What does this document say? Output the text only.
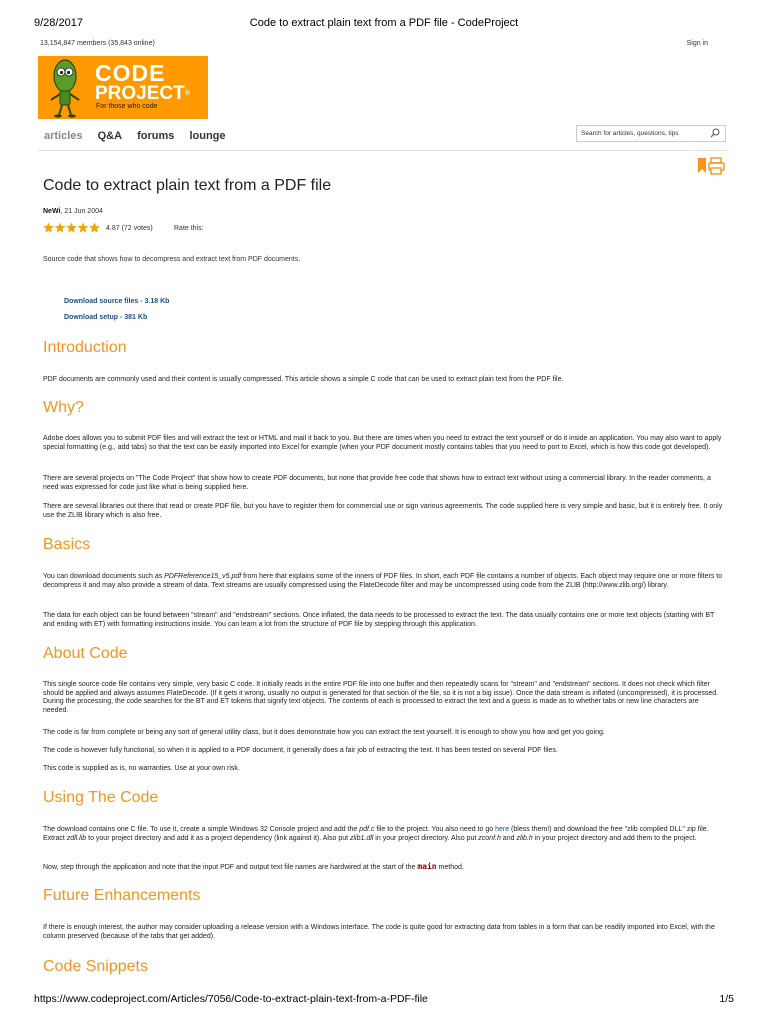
9/28/2017	Code to extract plain text from a PDF file - CodeProject
13,154,847 members (35,843 online)	Sign in
CODE
PROJECT®
For those who code
articles Q&A forums lounge	Search for articles, questions, tips
Code to extract plain text from a PDF file
NeWi, 21 Jun 2004
4.87 (72 votes)	Rate this:
Source code that shows how to decompress and extract text from PDF documents.
Download source files - 3.18 Kb
Download setup - 381 Kb
Introduction

PDF documents are commonly used and their content is usually compressed. This article shows a simple C code that can be used to extract plain text from the PDF file.

Why?

Adobe does allows you to submit PDF files and will extract the text or HTML and mail it back to you. But there are times when you need to extract the text yourself or do it inside an application. You may also want to apply special formatting (e.g., add tabs) so that the text can be easily imported into Excel for example (when your PDF document mostly contains tables that you need to port to Excel, which is how this code got developed).

There are several projects on "The Code Project" that show how to create PDF documents, but none that provide free code that shows how to extract text without using a commercial library. In the reader comments, a need was expressed for code just like what is being supplied here.

There are several libraries out there that read or create PDF file, but you have to register them for commercial use or sign various agreements. The code supplied here is very simple and basic, but it is entirely free. It only use the ZLIB library which is also free.

Basics

You can download documents such as PDFReference15_v5.pdf from here that explains some of the inners of PDF files. In short, each PDF file contains a number of objects. Each object may require one or more filters to decompress it and may also provide a stream of data. Text streams are usually compressed using the FlateDecode filter and may be uncompressed using code from the ZLIB (http://www.zlib.org/) library.

The data for each object can be found between "stream" and "endstream" sections. Once inflated, the data needs to be processed to extract the text. The data usually contains one or more text objects (starting with BT and ending with ET) with formatting instructions inside. You can learn a lot from the structure of PDF file by stepping through this application.

About Code

This single source code file contains very simple, very basic C code. It initially reads in the entire PDF file into one buffer and then repeatedly scans for "stream" and "endstream" sections. It does not check which filter should be applied and always assumes FlateDecode. (If it gets it wrong, usually no output is generated for that section of the file, so it is not a big issue). Once the data stream is inflated (uncompressed), it is processed. During the processing, the code searches for the BT and ET tokens that signify text objects. The contents of each is processed to extract the text and a guess is made as to whether tabs or new line characters are needed.

The code is far from complete or being any sort of general utility class, but it does demonstrate how you can extract the text yourself. It is enough to show you how and get you going.

The code is however fully functional, so when it is applied to a PDF document, it generally does a fair job of extracting the text. It has been tested on several PDF files.

This code is supplied as is, no warranties. Use at your own risk.

Using The Code

The download contains one C file. To use it, create a simple Windows 32 Console project and add the pdf.c file to the project. You also need to go here (bless them!) and download the free "zlib compiled DLL" zip file. Extract zdll.lib to your project directory and add it as a project dependency (link against it). Also put zlib1.dll in your project directory. Also put zconf.h and zlib.h in your project directory and add them to the project.

Now, step through the application and note that the input PDF and output text file names are hardwired at the start of the main method.

Future Enhancements

If there is enough interest, the author may consider uploading a release version with a Windows interface. The code is quite good for extracting data from tables in a form that can be readily imported into Excel, with the column preserved (because of the tabs that get added).

Code Snippets
https://www.codeproject.com/Articles/7056/Code-to-extract-plain-text-from-a-PDF-file	1/5
